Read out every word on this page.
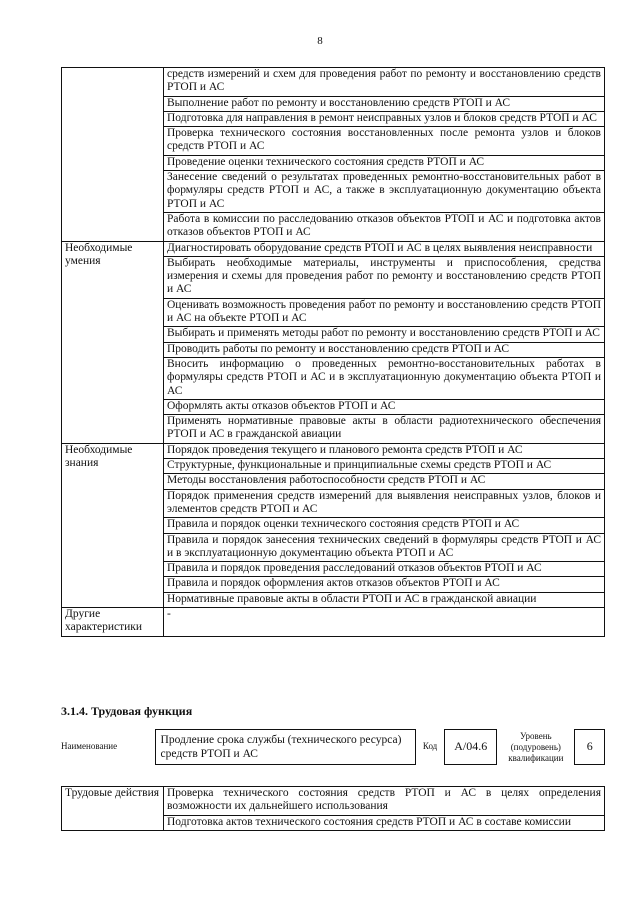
8
	средств измерений и схем для проведения работ по ремонту и восстановлению средств РТОП и АС
	Выполнение работ по ремонту и восстановлению средств РТОП и АС
	Подготовка для направления в ремонт неисправных узлов и блоков средств РТОП и АС
	Проверка технического состояния восстановленных после ремонта узлов и блоков средств РТОП и АС
	Проведение оценки технического состояния средств РТОП и АС
	Занесение сведений о результатах проведенных ремонтно-восстановительных работ в формуляры средств РТОП и АС, а также в эксплуатационную документацию объекта РТОП и АС
	Работа в комиссии по расследованию отказов объектов РТОП и АС и подготовка актов отказов объектов РТОП и АС
Необходимые умения	Диагностировать оборудование средств РТОП и АС в целях выявления неисправности
	Выбирать необходимые материалы, инструменты и приспособления, средства измерения и схемы для проведения работ по ремонту и восстановлению средств РТОП и АС
	Оценивать возможность проведения работ по ремонту и восстановлению средств РТОП и АС на объекте РТОП и АС
	Выбирать и применять методы работ по ремонту и восстановлению средств РТОП и АС
	Проводить работы по ремонту и восстановлению средств РТОП и АС
	Вносить информацию о проведенных ремонтно-восстановительных работах в формуляры средств РТОП и АС и в эксплуатационную документацию объекта РТОП и АС
	Оформлять акты отказов объектов РТОП и АС
	Применять нормативные правовые акты в области радиотехнического обеспечения РТОП и АС в гражданской авиации
Необходимые знания	Порядок проведения текущего и планового ремонта средств РТОП и АС
	Структурные, функциональные и принципиальные схемы средств РТОП и АС
	Методы восстановления работоспособности средств РТОП и АС
	Порядок применения средств измерений для выявления неисправных узлов, блоков и элементов средств РТОП и АС
	Правила и порядок оценки технического состояния средств РТОП и АС
	Правила и порядок занесения технических сведений в формуляры средств РТОП и АС и в эксплуатационную документацию объекта РТОП и АС
	Правила и порядок проведения расследований отказов объектов РТОП и АС
	Правила и порядок оформления актов отказов объектов РТОП и АС
	Нормативные правовые акты в области РТОП и АС в гражданской авиации
Другие характеристики	-
3.1.4. Трудовая функция
Наименование	Продление срока службы (технического ресурса) средств РТОП и АС	Код	А/04.6	Уровень (подуровень) квалификации	6
Трудовые действия	Проверка технического состояния средств РТОП и АС в целях определения возможности их дальнейшего использования
Подготовка актов технического состояния средств РТОП и АС в составе комиссии
